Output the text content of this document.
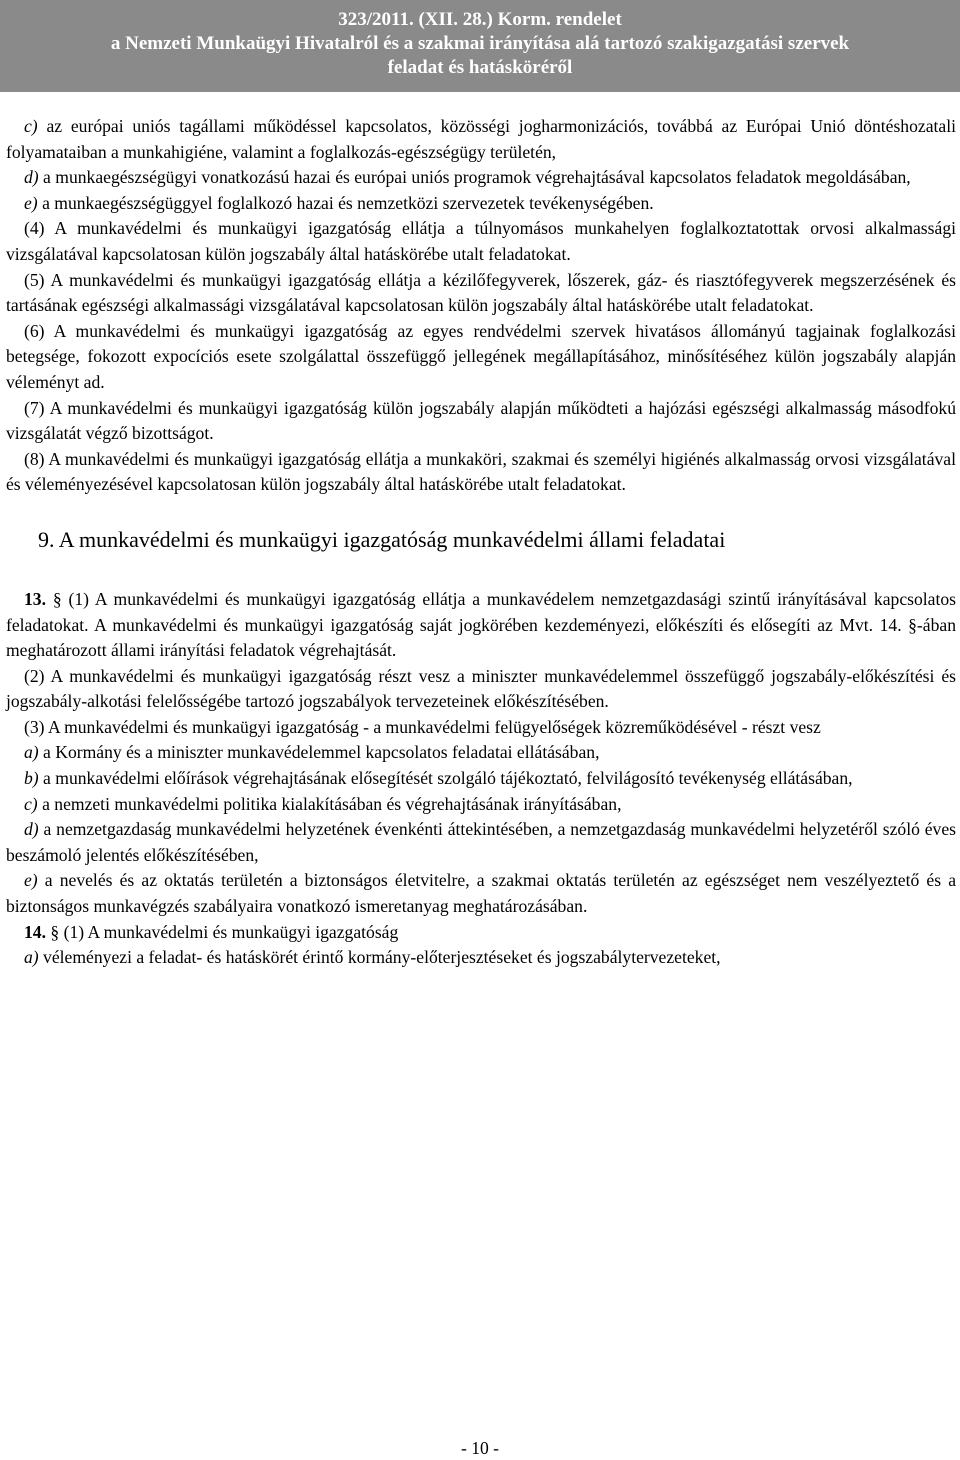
323/2011. (XII. 28.) Korm. rendelet
a Nemzeti Munkaügyi Hivatalról és a szakmai irányítása alá tartozó szakigazgatási szervek
feladat és hatásköréről

c) az európai uniós tagállami működéssel kapcsolatos, közösségi jogharmonizációs, továbbá az Európai Unió döntéshozatali folyamataiban a munkahigiéne, valamint a foglalkozás-egészségügy területén,

d) a munkaegészségügyi vonatkozású hazai és európai uniós programok végrehajtásával kapcsolatos feladatok megoldásában,

e) a munkaegészségüggyel foglalkozó hazai és nemzetközi szervezetek tevékenységében.

(4) A munkavédelmi és munkaügyi igazgatóság ellátja a túlnyomásos munkahelyen foglalkoztatottak orvosi alkalmassági vizsgálatával kapcsolatosan külön jogszabály által hatáskörébe utalt feladatokat.

(5) A munkavédelmi és munkaügyi igazgatóság ellátja a kézilőfegyverek, lőszerek, gáz- és riasztófegyverek megszerzésének és tartásának egészségi alkalmassági vizsgálatával kapcsolatosan külön jogszabály által hatáskörébe utalt feladatokat.

(6) A munkavédelmi és munkaügyi igazgatóság az egyes rendvédelmi szervek hivatásos állományú tagjainak foglalkozási betegsége, fokozott expocíciós esete szolgálattal összefüggő jellegének megállapításához, minősítéséhez külön jogszabály alapján véleményt ad.

(7) A munkavédelmi és munkaügyi igazgatóság külön jogszabály alapján működteti a hajózási egészségi alkalmasság másodfokú vizsgálatát végző bizottságot.

(8) A munkavédelmi és munkaügyi igazgatóság ellátja a munkaköri, szakmai és személyi higiénés alkalmasság orvosi vizsgálatával és véleményezésével kapcsolatosan külön jogszabály által hatáskörébe utalt feladatokat.

9. A munkavédelmi és munkaügyi igazgatóság munkavédelmi állami feladatai

13. § (1) A munkavédelmi és munkaügyi igazgatóság ellátja a munkavédelem nemzetgazdasági szintű irányításával kapcsolatos feladatokat. A munkavédelmi és munkaügyi igazgatóság saját jogkörében kezdeményezi, előkészíti és elősegíti az Mvt. 14. §-ában meghatározott állami irányítási feladatok végrehajtását.

(2) A munkavédelmi és munkaügyi igazgatóság részt vesz a miniszter munkavédelemmel összefüggő jogszabály-előkészítési és jogszabály-alkotási felelősségébe tartozó jogszabályok tervezeteinek előkészítésében.

(3) A munkavédelmi és munkaügyi igazgatóság - a munkavédelmi felügyelőségek közreműködésével - részt vesz

a) a Kormány és a miniszter munkavédelemmel kapcsolatos feladatai ellátásában,

b) a munkavédelmi előírások végrehajtásának elősegítését szolgáló tájékoztató, felvilágosító tevékenység ellátásában,

c) a nemzeti munkavédelmi politika kialakításában és végrehajtásának irányításában,

d) a nemzetgazdaság munkavédelmi helyzetének évenkénti áttekintésében, a nemzetgazdaság munkavédelmi helyzetéről szóló éves beszámoló jelentés előkészítésében,

e) a nevelés és az oktatás területén a biztonságos életvitelre, a szakmai oktatás területén az egészséget nem veszélyeztető és a biztonságos munkavégzés szabályaira vonatkozó ismeretanyag meghatározásában.

14. § (1) A munkavédelmi és munkaügyi igazgatóság

a) véleményezi a feladat- és hatáskörét érintő kormány-előterjesztéseket és jogszabálytervezeteket,

- 10 -
